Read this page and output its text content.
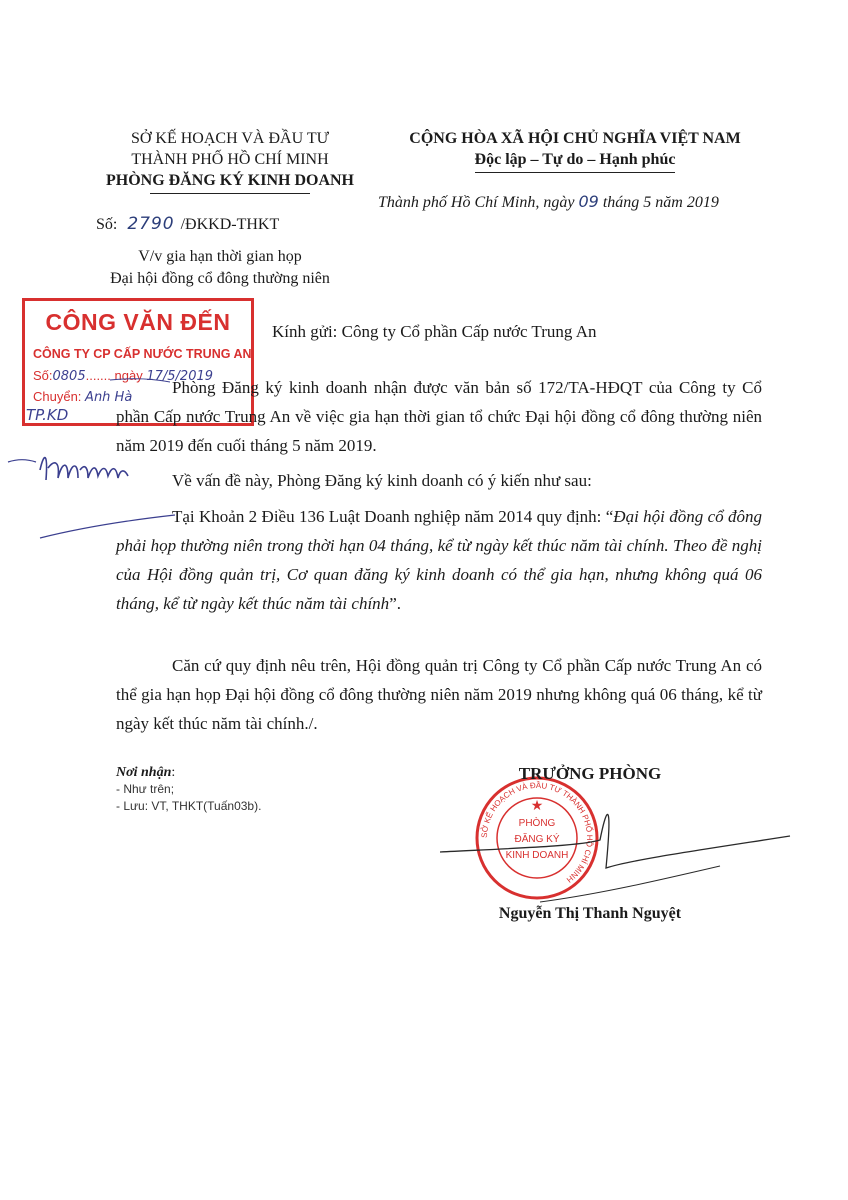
SỞ KẾ HOẠCH VÀ ĐẦU TƯ
THÀNH PHỐ HỒ CHÍ MINH
PHÒNG ĐĂNG KÝ KINH DOANH
CỘNG HÒA XÃ HỘI CHỦ NGHĨA VIỆT NAM
Độc lập – Tự do – Hạnh phúc
Thành phố Hồ Chí Minh, ngày 09 tháng 5 năm 2019
Số: 2790 /ĐKKD-THKT
V/v gia hạn thời gian họp
Đại hội đồng cổ đông thường niên
CÔNG VĂN ĐẾN
CÔNG TY CP CẤP NƯỚC TRUNG AN
Số:0805....... ngày 17/5/2019
Chuyển: Anh Hà
TP.KD
SỞ KẾ HOẠCH VÀ ĐẦU TƯ THÀNH PHỐ HỒ CHÍ MINH
PHÒNG
ĐĂNG KÝ
KINH DOANH
★
Kính gửi: Công ty Cổ phần Cấp nước Trung An
Phòng Đăng ký kinh doanh nhận được văn bản số 172/TA-HĐQT của Công ty Cổ phần Cấp nước Trung An về việc gia hạn thời gian tổ chức Đại hội đồng cổ đông thường niên năm 2019 đến cuối tháng 5 năm 2019.
Về vấn đề này, Phòng Đăng ký kinh doanh có ý kiến như sau:
Tại Khoản 2 Điều 136 Luật Doanh nghiệp năm 2014 quy định: “Đại hội đồng cổ đông phải họp thường niên trong thời hạn 04 tháng, kể từ ngày kết thúc năm tài chính. Theo đề nghị của Hội đồng quản trị, Cơ quan đăng ký kinh doanh có thể gia hạn, nhưng không quá 06 tháng, kể từ ngày kết thúc năm tài chính”.
Căn cứ quy định nêu trên, Hội đồng quản trị Công ty Cổ phần Cấp nước Trung An có thể gia hạn họp Đại hội đồng cổ đông thường niên năm 2019 nhưng không quá 06 tháng, kể từ ngày kết thúc năm tài chính./.
Nơi nhận:
- Như trên;
- Lưu: VT, THKT(Tuấn03b).
TRƯỞNG PHÒNG
Nguyễn Thị Thanh Nguyệt
